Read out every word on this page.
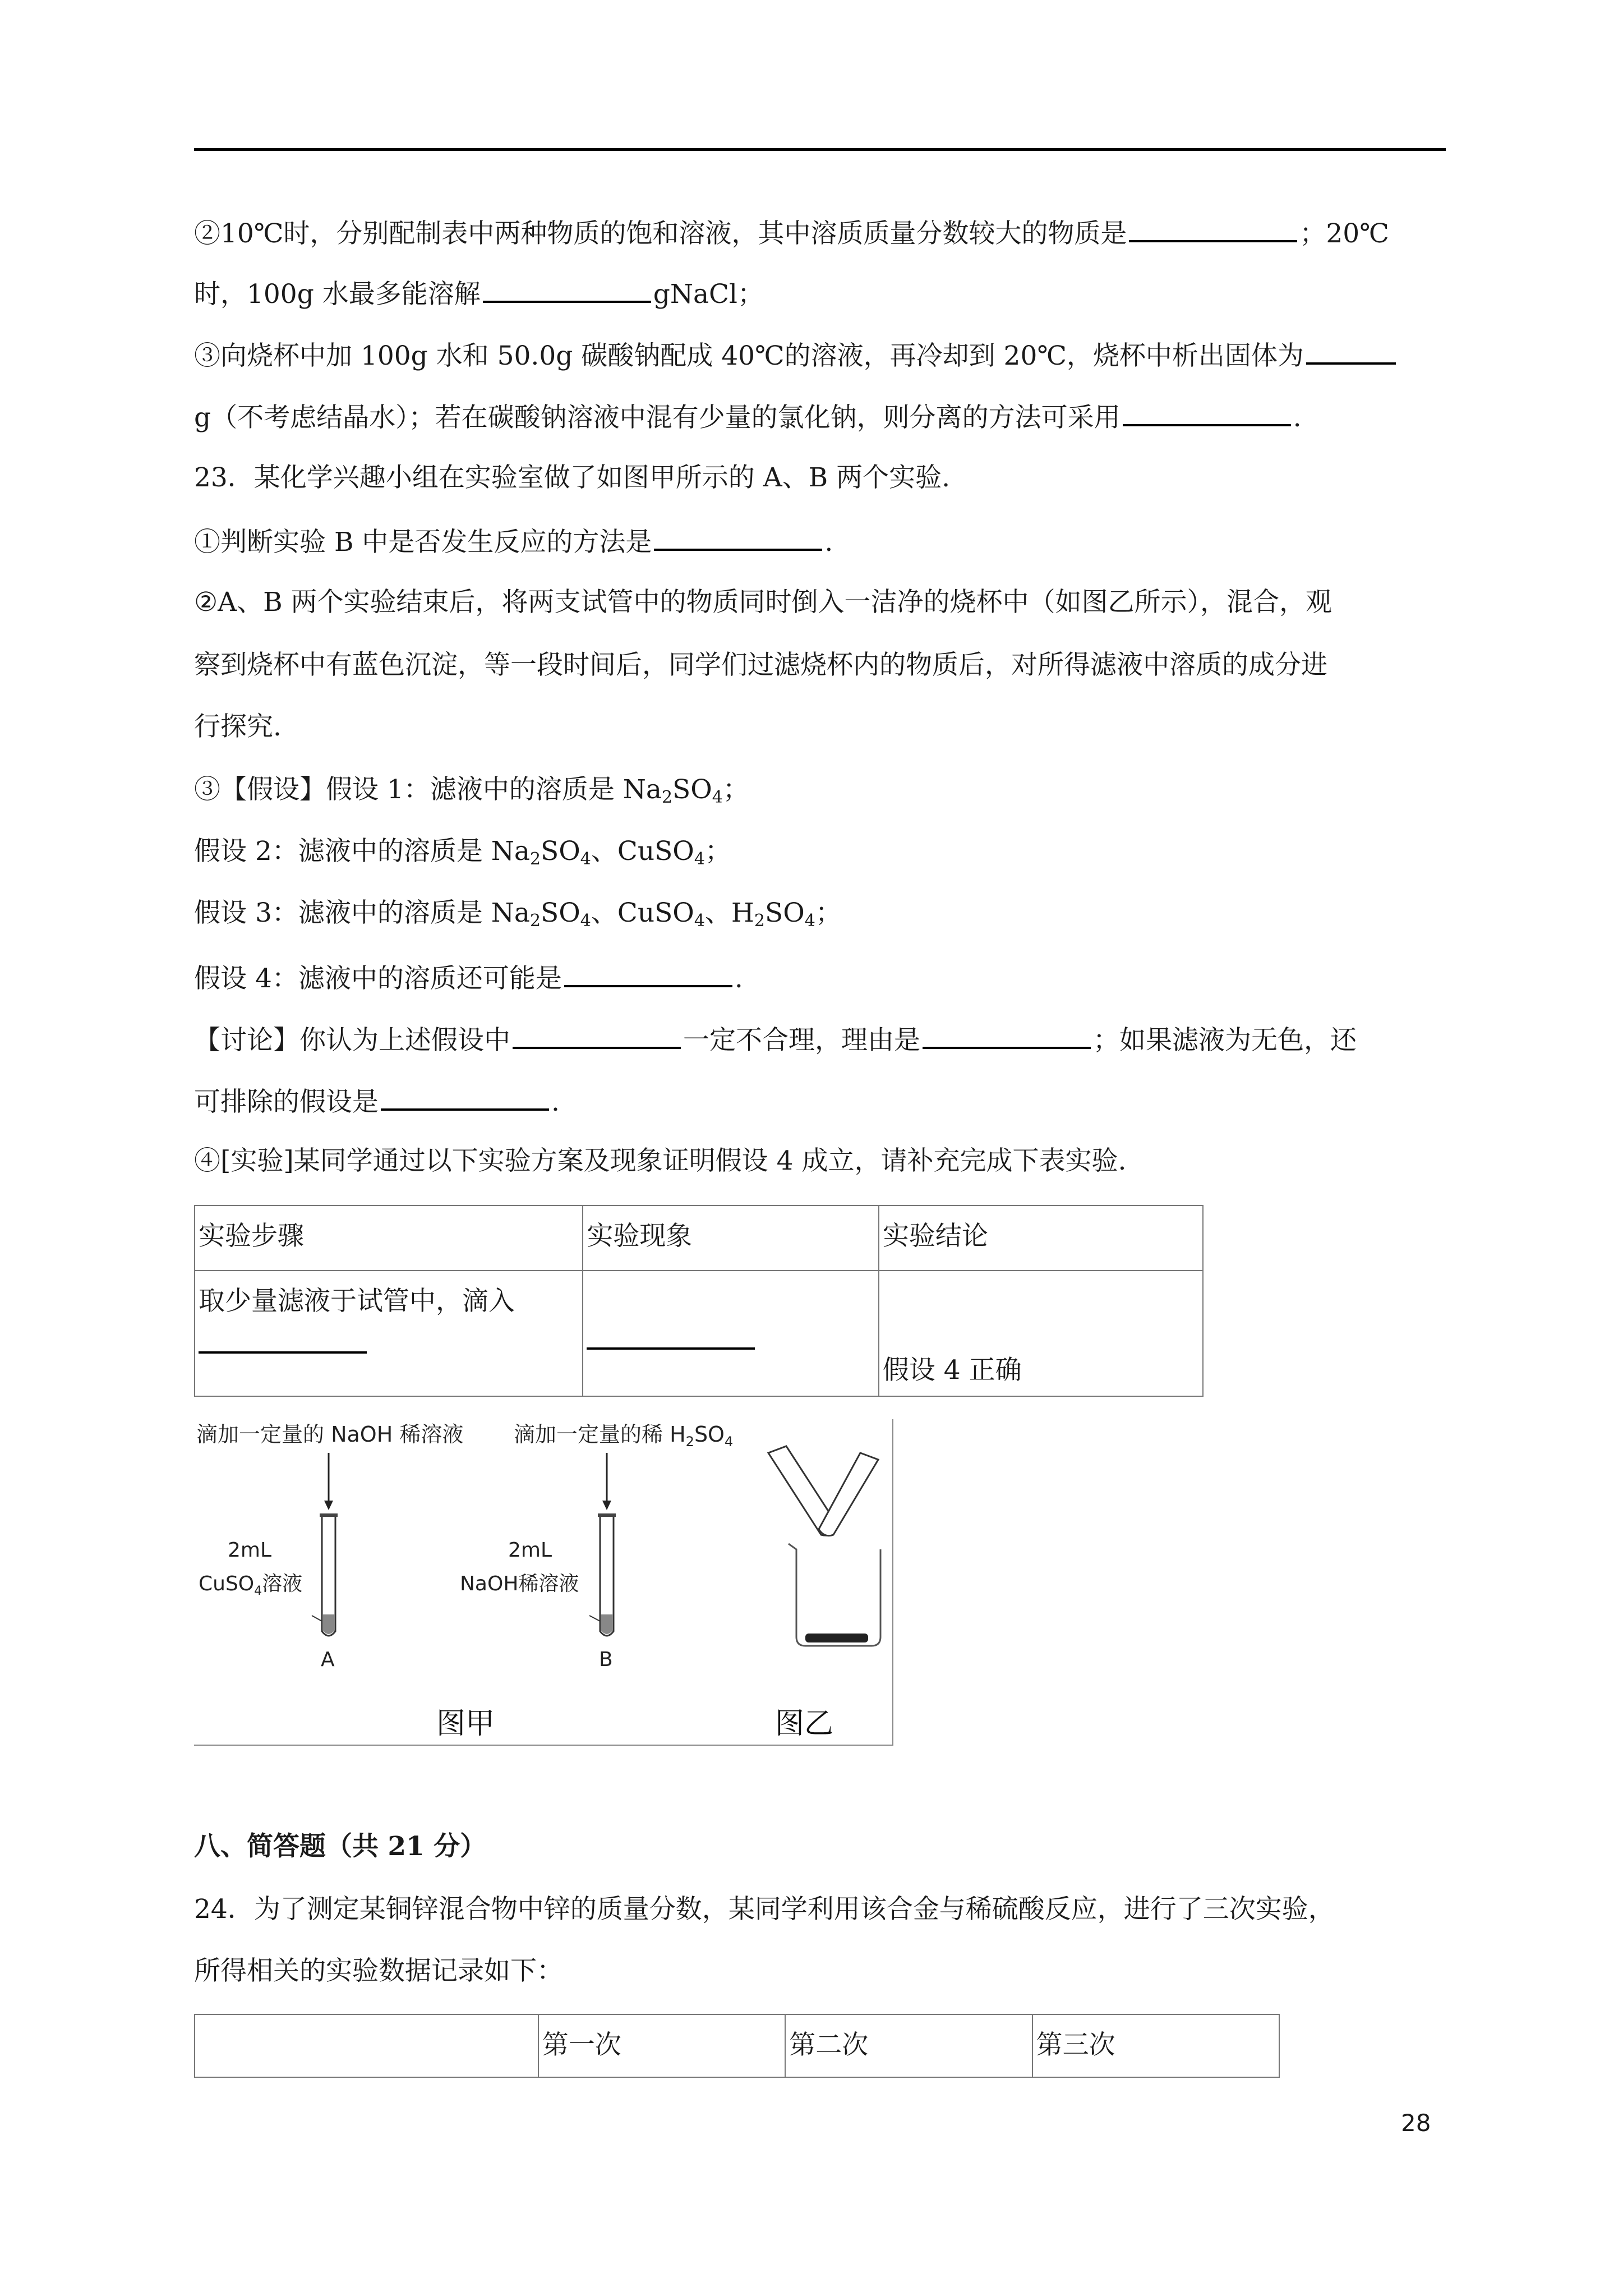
②10℃时，分别配制表中两种物质的饱和溶液，其中溶质质量分数较大的物质是	；20℃
时，100g 水最多能溶解	gNaCl；
③向烧杯中加 100g 水和 50.0g 碳酸钠配成 40℃的溶液，再冷却到 20℃，烧杯中析出固体为
g（不考虑结晶水）；若在碳酸钠溶液中混有少量的氯化钠，则分离的方法可采用	.
23．某化学兴趣小组在实验室做了如图甲所示的 A、B 两个实验.
①判断实验 B 中是否发生反应的方法是	.
②A、B 两个实验结束后，将两支试管中的物质同时倒入一洁净的烧杯中（如图乙所示），混合，观
察到烧杯中有蓝色沉淀，等一段时间后，同学们过滤烧杯内的物质后，对所得滤液中溶质的成分进
行探究.
③【假设】假设 1：滤液中的溶质是 $Na_2SO_4$；
假设 2：滤液中的溶质是 $Na_2SO_4$、CuSO$_4$；
假设 3：滤液中的溶质是 $Na_2SO_4$、CuSO$_4$、$H_2SO_4$；
假设 4：滤液中的溶质还可能是	.
【讨论】你认为上述假设中	一定不合理，理由是	；如果滤液为无色，还
可排除的假设是	.
④[实验]某同学通过以下实验方案及现象证明假设 4 成立，请补充完成下表实验.
实验步骤	实验现象	实验结论
取少量滤液于试管中，滴入		假设 4 正确
滴加一定量的 NaOH 稀溶液 滴加一定量的稀 $H_2SO_4$
2mL
CuSO$_4$溶液
A
2mL
NaOH稀溶液
B
图甲	图乙
八、简答题（共 21 分）
24．为了测定某铜锌混合物中锌的质量分数，某同学利用该合金与稀硫酸反应，进行了三次实验，
所得相关的实验数据记录如下：
	第一次	第二次	第三次
28
